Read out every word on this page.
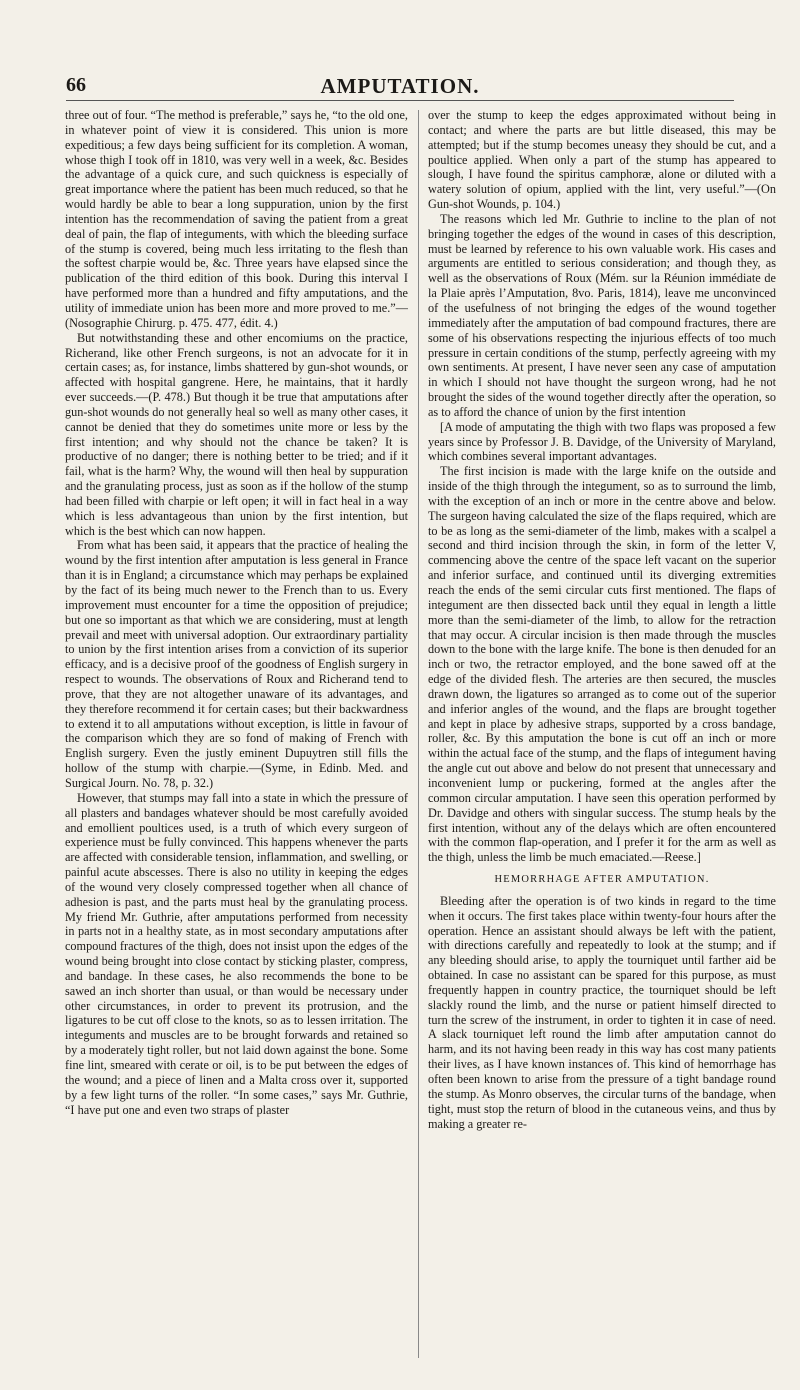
66	AMPUTATION.

three out of four. “The method is preferable,” says he, “to the old one, in whatever point of view it is considered. This union is more expeditious; a few days being sufficient for its completion. A woman, whose thigh I took off in 1810, was very well in a week, &c. Besides the advantage of a quick cure, and such quickness is especially of great importance where the patient has been much reduced, so that he would hardly be able to bear a long suppuration, union by the first intention has the recommendation of saving the patient from a great deal of pain, the flap of integuments, with which the bleeding surface of the stump is covered, being much less irritating to the flesh than the softest charpie would be, &c. Three years have elapsed since the publication of the third edition of this book. During this interval I have performed more than a hundred and fifty amputations, and the utility of immediate union has been more and more proved to me.”—(Nosographie Chirurg. p. 475. 477, édit. 4.)

But notwithstanding these and other encomiums on the practice, Richerand, like other French surgeons, is not an advocate for it in certain cases; as, for instance, limbs shattered by gun-shot wounds, or affected with hospital gangrene. Here, he maintains, that it hardly ever succeeds.—(P. 478.) But though it be true that amputations after gun-shot wounds do not generally heal so well as many other cases, it cannot be denied that they do sometimes unite more or less by the first intention; and why should not the chance be taken? It is productive of no danger; there is nothing better to be tried; and if it fail, what is the harm? Why, the wound will then heal by suppuration and the granulating process, just as soon as if the hollow of the stump had been filled with charpie or left open; it will in fact heal in a way which is less advantageous than union by the first intention, but which is the best which can now happen.

From what has been said, it appears that the practice of healing the wound by the first intention after amputation is less general in France than it is in England; a circumstance which may perhaps be explained by the fact of its being much newer to the French than to us. Every improvement must encounter for a time the opposition of prejudice; but one so important as that which we are considering, must at length prevail and meet with universal adoption. Our extraordinary partiality to union by the first intention arises from a conviction of its superior efficacy, and is a decisive proof of the goodness of English surgery in respect to wounds. The observations of Roux and Richerand tend to prove, that they are not altogether unaware of its advantages, and they therefore recommend it for certain cases; but their backwardness to extend it to all amputations without exception, is little in favour of the comparison which they are so fond of making of French with English surgery. Even the justly eminent Dupuytren still fills the hollow of the stump with charpie.—(Syme, in Edinb. Med. and Surgical Journ. No. 78, p. 32.)

However, that stumps may fall into a state in which the pressure of all plasters and bandages whatever should be most carefully avoided and emollient poultices used, is a truth of which every surgeon of experience must be fully convinced. This happens whenever the parts are affected with considerable tension, inflammation, and swelling, or painful acute abscesses. There is also no utility in keeping the edges of the wound very closely compressed together when all chance of adhesion is past, and the parts must heal by the granulating process. My friend Mr. Guthrie, after amputations performed from necessity in parts not in a healthy state, as in most secondary amputations after compound fractures of the thigh, does not insist upon the edges of the wound being brought into close contact by sticking plaster, compress, and bandage. In these cases, he also recommends the bone to be sawed an inch shorter than usual, or than would be necessary under other circumstances, in order to prevent its protrusion, and the ligatures to be cut off close to the knots, so as to lessen irritation. The integuments and muscles are to be brought forwards and retained so by a moderately tight roller, but not laid down against the bone. Some fine lint, smeared with cerate or oil, is to be put between the edges of the wound; and a piece of linen and a Malta cross over it, supported by a few light turns of the roller. “In some cases,” says Mr. Guthrie, “I have put one and even two straps of plaster

over the stump to keep the edges approximated without being in contact; and where the parts are but little diseased, this may be attempted; but if the stump becomes uneasy they should be cut, and a poultice applied. When only a part of the stump has appeared to slough, I have found the spiritus camphoræ, alone or diluted with a watery solution of opium, applied with the lint, very useful.”—(On Gun-shot Wounds, p. 104.)

The reasons which led Mr. Guthrie to incline to the plan of not bringing together the edges of the wound in cases of this description, must be learned by reference to his own valuable work. His cases and arguments are entitled to serious consideration; and though they, as well as the observations of Roux (Mém. sur la Réunion immédiate de la Plaie après l’Amputation, 8vo. Paris, 1814), leave me unconvinced of the usefulness of not bringing the edges of the wound together immediately after the amputation of bad compound fractures, there are some of his observations respecting the injurious effects of too much pressure in certain conditions of the stump, perfectly agreeing with my own sentiments. At present, I have never seen any case of amputation in which I should not have thought the surgeon wrong, had he not brought the sides of the wound together directly after the operation, so as to afford the chance of union by the first intention

[A mode of amputating the thigh with two flaps was proposed a few years since by Professor J. B. Davidge, of the University of Maryland, which combines several important advantages.

The first incision is made with the large knife on the outside and inside of the thigh through the integument, so as to surround the limb, with the exception of an inch or more in the centre above and below. The surgeon having calculated the size of the flaps required, which are to be as long as the semi-diameter of the limb, makes with a scalpel a second and third incision through the skin, in form of the letter V, commencing above the centre of the space left vacant on the superior and inferior surface, and continued until its diverging extremities reach the ends of the semi circular cuts first mentioned. The flaps of integument are then dissected back until they equal in length a little more than the semi-diameter of the limb, to allow for the retraction that may occur. A circular incision is then made through the muscles down to the bone with the large knife. The bone is then denuded for an inch or two, the retractor employed, and the bone sawed off at the edge of the divided flesh. The arteries are then secured, the muscles drawn down, the ligatures so arranged as to come out of the superior and inferior angles of the wound, and the flaps are brought together and kept in place by adhesive straps, supported by a cross bandage, roller, &c. By this amputation the bone is cut off an inch or more within the actual face of the stump, and the flaps of integument having the angle cut out above and below do not present that unnecessary and inconvenient lump or puckering, formed at the angles after the common circular amputation. I have seen this operation performed by Dr. Davidge and others with singular success. The stump heals by the first intention, without any of the delays which are often encountered with the common flap-operation, and I prefer it for the arm as well as the thigh, unless the limb be much emaciated.—Reese.]

HEMORRHAGE AFTER AMPUTATION.

Bleeding after the operation is of two kinds in regard to the time when it occurs. The first takes place within twenty-four hours after the operation. Hence an assistant should always be left with the patient, with directions carefully and repeatedly to look at the stump; and if any bleeding should arise, to apply the tourniquet until farther aid be obtained. In case no assistant can be spared for this purpose, as must frequently happen in country practice, the tourniquet should be left slackly round the limb, and the nurse or patient himself directed to turn the screw of the instrument, in order to tighten it in case of need. A slack tourniquet left round the limb after amputation cannot do harm, and its not having been ready in this way has cost many patients their lives, as I have known instances of. This kind of hemorrhage has often been known to arise from the pressure of a tight bandage round the stump. As Monro observes, the circular turns of the bandage, when tight, must stop the return of blood in the cutaneous veins, and thus by making a greater re-
